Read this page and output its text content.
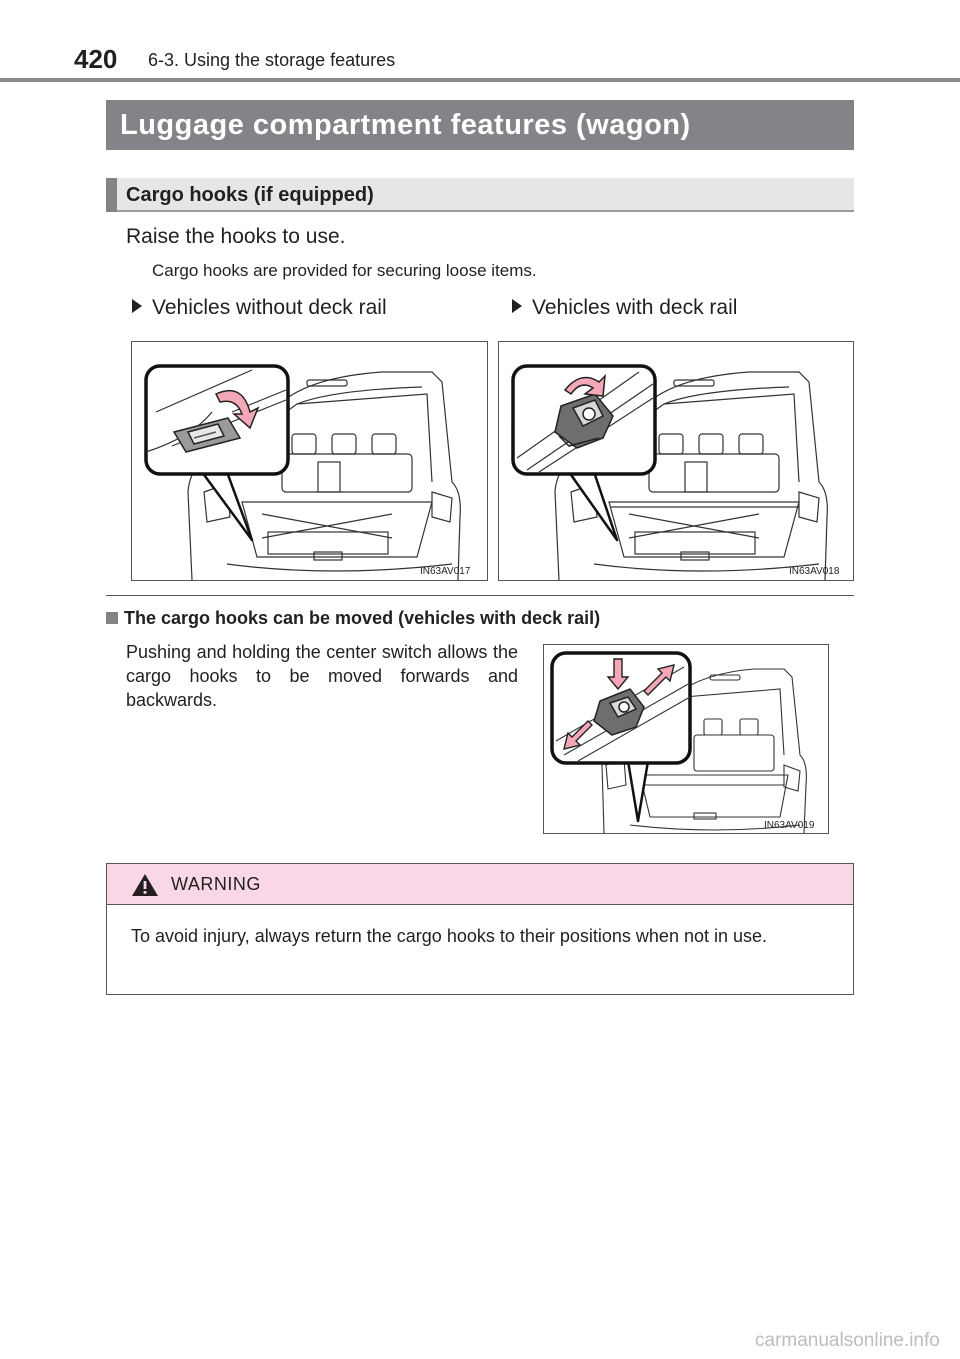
420 6-3. Using the storage features
Luggage compartment features (wagon)
Cargo hooks (if equipped)
Raise the hooks to use.
Cargo hooks are provided for securing loose items.
Vehicles without deck rail	Vehicles with deck rail
IN63AV017	IN63AV018
The cargo hooks can be moved (vehicles with deck rail)
Pushing and holding the center switch allows the cargo hooks to be moved forwards and backwards.
IN63AV019
WARNING
To avoid injury, always return the cargo hooks to their positions when not in use.
carmanualsonline.info
